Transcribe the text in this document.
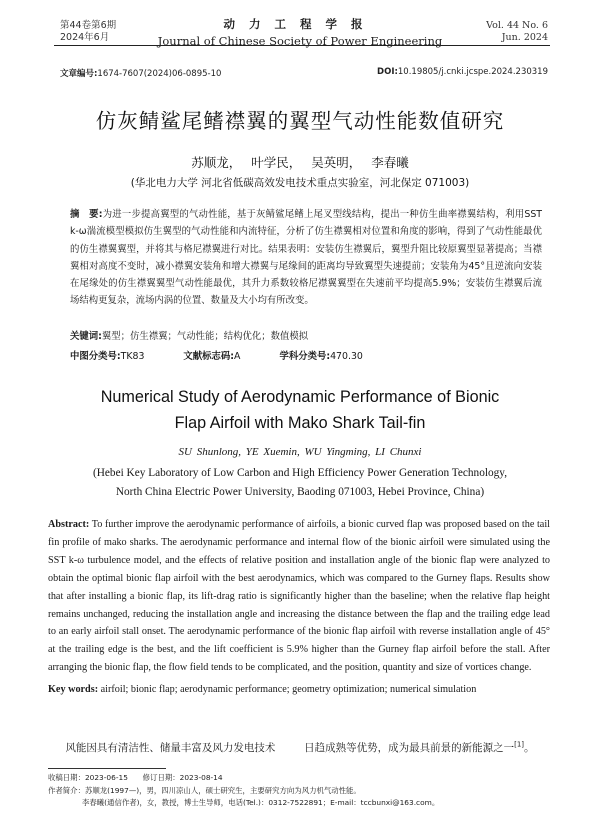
第44卷第6期
2024年6月
动力工程学报
Journal of Chinese Society of Power Engineering
Vol. 44 No. 6
Jun. 2024
文章编号:1674-7607(2024)06-0895-10	DOI:10.19805/j.cnki.jcspe.2024.230319
仿灰鲭鲨尾鳍襟翼的翼型气动性能数值研究
苏顺龙， 叶学民， 吴英明， 李春曦
(华北电力大学 河北省低碳高效发电技术重点实验室，河北保定 071003)
摘　要:为进一步提高翼型的气动性能，基于灰鲭鲨尾鳍上尾叉型线结构，提出一种仿生曲率襟翼结构，利用SST k-ω湍流模型模拟仿生翼型的气动性能和内流特征，分析了仿生襟翼相对位置和角度的影响，得到了气动性能最优的仿生襟翼翼型，并将其与格尼襟翼进行对比。结果表明：安装仿生襟翼后，翼型升阻比较原翼型显著提高；当襟翼相对高度不变时，减小襟翼安装角和增大襟翼与尾缘间的距离均导致翼型失速提前；安装角为45°且逆流向安装在尾缘处的仿生襟翼翼型气动性能最优，其升力系数较格尼襟翼翼型在失速前平均提高5.9%；安装仿生襟翼后流场结构更复杂，流场内涡的位置、数量及大小均有所改变。
关键词:翼型；仿生襟翼；气动性能；结构优化；数值模拟
中图分类号:TK83	文献标志码:A	学科分类号:470.30
Numerical Study of Aerodynamic Performance of Bionic
Flap Airfoil with Mako Shark Tail-fin
SU Shunlong, YE Xuemin, WU Yingming, LI Chunxi
(Hebei Key Laboratory of Low Carbon and High Efficiency Power Generation Technology,
North China Electric Power University, Baoding 071003, Hebei Province, China)
Abstract: To further improve the aerodynamic performance of airfoils, a bionic curved flap was proposed based on the tail fin profile of mako sharks. The aerodynamic performance and internal flow of the bionic airfoil were simulated using the SST k-ω turbulence model, and the effects of relative position and installation angle of the bionic flap were analyzed to obtain the optimal bionic flap airfoil with the best aerodynamics, which was compared to the Gurney flaps. Results show that after installing a bionic flap, its lift-drag ratio is significantly higher than the baseline; when the relative flap height remains unchanged, reducing the installation angle and increasing the distance between the flap and the trailing edge lead to an early airfoil stall onset. The aerodynamic performance of the bionic flap airfoil with reverse installation angle of 45° at the trailing edge is the best, and the lift coefficient is 5.9% higher than the Gurney flap airfoil before the stall. After arranging the bionic flap, the flow field tends to be complicated, and the position, quantity and size of vortices change.
Key words: airfoil; bionic flap; aerodynamic performance; geometry optimization; numerical simulation
风能因具有清洁性、储量丰富及风力发电技术	日趋成熟等优势，成为最具前景的新能源之一[1]。
收稿日期：2023-06-15　　修订日期：2023-08-14
作者简介：苏顺龙(1997—)，男，四川凉山人，硕士研究生，主要研究方向为风力机气动性能。
李春曦(通信作者)，女，教授，博士生导师，电话(Tel.)：0312-7522891；E-mail：tccbunxi@163.com。
